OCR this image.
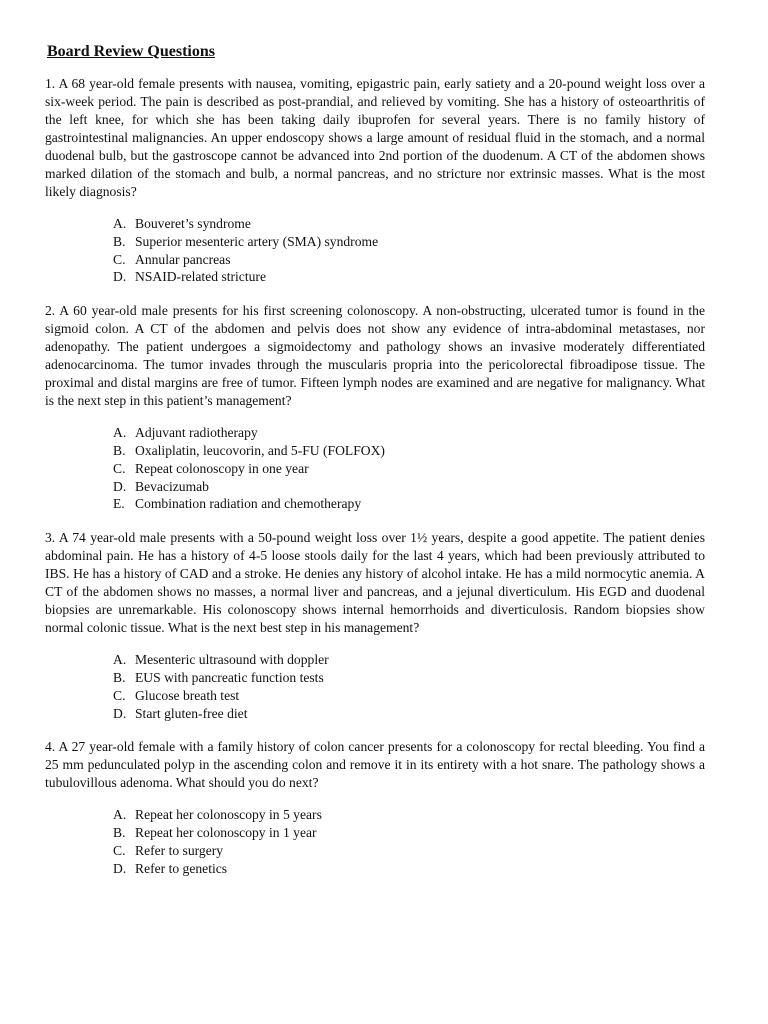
Board Review Questions

1. A 68 year-old female presents with nausea, vomiting, epigastric pain, early satiety and a 20-pound weight loss over a six-week period. The pain is described as post-prandial, and relieved by vomiting. She has a history of osteoarthritis of the left knee, for which she has been taking daily ibuprofen for several years. There is no family history of gastrointestinal malignancies. An upper endoscopy shows a large amount of residual fluid in the stomach, and a normal duodenal bulb, but the gastroscope cannot be advanced into 2nd portion of the duodenum. A CT of the abdomen shows marked dilation of the stomach and bulb, a normal pancreas, and no stricture nor extrinsic masses. What is the most likely diagnosis?

A. Bouveret’s syndrome
B. Superior mesenteric artery (SMA) syndrome
C. Annular pancreas
D. NSAID-related stricture

2. A 60 year-old male presents for his first screening colonoscopy. A non-obstructing, ulcerated tumor is found in the sigmoid colon. A CT of the abdomen and pelvis does not show any evidence of intra-abdominal metastases, nor adenopathy. The patient undergoes a sigmoidectomy and pathology shows an invasive moderately differentiated adenocarcinoma. The tumor invades through the muscularis propria into the pericolorectal fibroadipose tissue. The proximal and distal margins are free of tumor. Fifteen lymph nodes are examined and are negative for malignancy. What is the next step in this patient’s management?

A. Adjuvant radiotherapy
B. Oxaliplatin, leucovorin, and 5-FU (FOLFOX)
C. Repeat colonoscopy in one year
D. Bevacizumab
E. Combination radiation and chemotherapy

3. A 74 year-old male presents with a 50-pound weight loss over 1½ years, despite a good appetite. The patient denies abdominal pain. He has a history of 4-5 loose stools daily for the last 4 years, which had been previously attributed to IBS. He has a history of CAD and a stroke. He denies any history of alcohol intake. He has a mild normocytic anemia. A CT of the abdomen shows no masses, a normal liver and pancreas, and a jejunal diverticulum. His EGD and duodenal biopsies are unremarkable. His colonoscopy shows internal hemorrhoids and diverticulosis. Random biopsies show normal colonic tissue. What is the next best step in his management?

A. Mesenteric ultrasound with doppler
B. EUS with pancreatic function tests
C. Glucose breath test
D. Start gluten-free diet

4. A 27 year-old female with a family history of colon cancer presents for a colonoscopy for rectal bleeding. You find a 25 mm pedunculated polyp in the ascending colon and remove it in its entirety with a hot snare. The pathology shows a tubulovillous adenoma. What should you do next?

A. Repeat her colonoscopy in 5 years
B. Repeat her colonoscopy in 1 year
C. Refer to surgery
D. Refer to genetics
